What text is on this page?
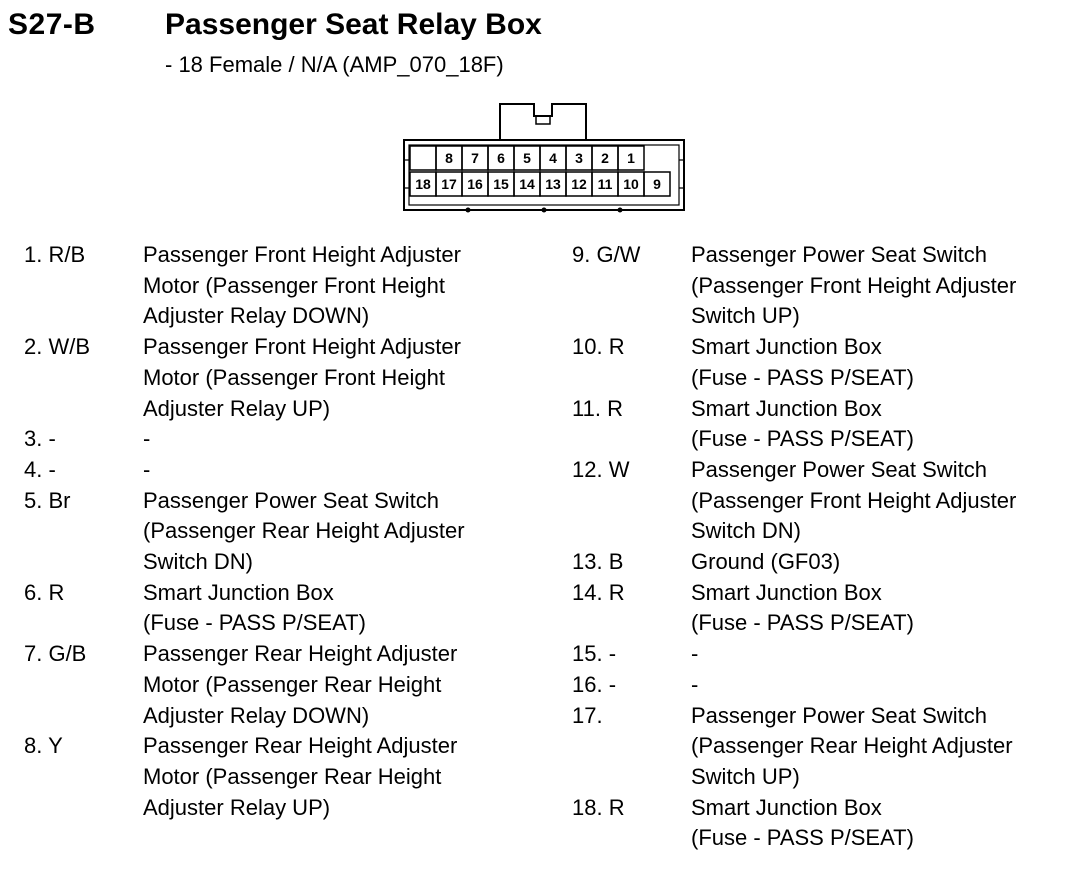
S27-B Passenger Seat Relay Box
- 18 Female / N/A (AMP_070_18F)
8 7 6 5 4 3 2 1
18 17 16 15 14 13 12 11 10 9
1. R/B	Passenger Front Height Adjuster
Motor (Passenger Front Height
Adjuster Relay DOWN)
2. W/B	Passenger Front Height Adjuster
Motor (Passenger Front Height
Adjuster Relay UP)
3. -	-
4. -	-
5. Br	Passenger Power Seat Switch
(Passenger Rear Height Adjuster
Switch DN)
6. R	Smart Junction Box
(Fuse - PASS P/SEAT)
7. G/B	Passenger Rear Height Adjuster
Motor (Passenger Rear Height
Adjuster Relay DOWN)
8. Y	Passenger Rear Height Adjuster
Motor (Passenger Rear Height
Adjuster Relay UP)
9. G/W	Passenger Power Seat Switch
(Passenger Front Height Adjuster
Switch UP)
10. R	Smart Junction Box
(Fuse - PASS P/SEAT)
11. R	Smart Junction Box
(Fuse - PASS P/SEAT)
12. W	Passenger Power Seat Switch
(Passenger Front Height Adjuster
Switch DN)
13. B	Ground (GF03)
14. R	Smart Junction Box
(Fuse - PASS P/SEAT)
15. -	-
16. -	-
17.	Passenger Power Seat Switch
(Passenger Rear Height Adjuster
Switch UP)
18. R	Smart Junction Box
(Fuse - PASS P/SEAT)
